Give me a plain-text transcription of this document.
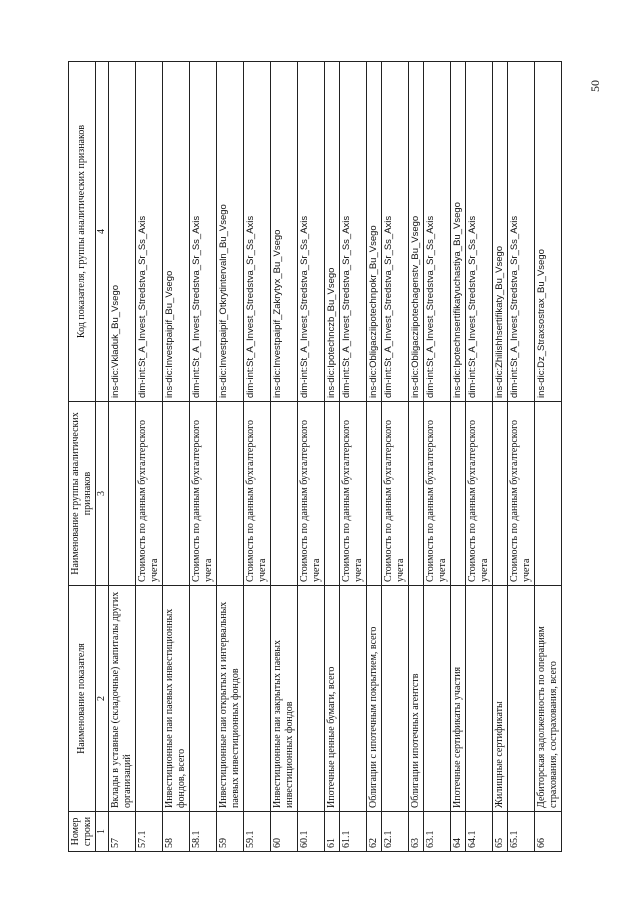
50
Номер строки	Наименование показателя	Наименование группы аналитических признаков	Код показателя, группы аналитических признаков
1	2	3	4
57	Вклады в уставные (складочные) капиталы других организаций		ins-dic:Vkladuk_Bu_Vsego
57.1		Стоимость по данным бухгалтерского учета	dim-int:St_A_Invest_Stredstva_Sr_Ss_Axis
58	Инвестиционные паи паевых инвестиционных фондов, всего		ins-dic:Investpaipif_Bu_Vsego
58.1		Стоимость по данным бухгалтерского учета	dim-int:St_A_Invest_Stredstva_Sr_Ss_Axis
59	Инвестиционные паи открытых и интервальных паевых инвестиционных фондов		ins-dic:Investpaipif_Otkrytintervaln_Bu_Vsego
59.1		Стоимость по данным бухгалтерского учета	dim-int:St_A_Invest_Stredstva_Sr_Ss_Axis
60	Инвестиционные паи закрытых паевых инвестиционных фондов		ins-dic:Investpaipif_Zakrytyx_Bu_Vsego
60.1		Стоимость по данным бухгалтерского учета	dim-int:St_A_Invest_Stredstva_Sr_Ss_Axis
61	Ипотечные ценные бумаги, всего		ins-dic:Ipotechnczb_Bu_Vsego
61.1		Стоимость по данным бухгалтерского учета	dim-int:St_A_Invest_Stredstva_Sr_Ss_Axis
62	Облигации с ипотечным покрытием, всего		ins-dic:Obligacziipotechnpokr_Bu_Vsego
62.1		Стоимость по данным бухгалтерского учета	dim-int:St_A_Invest_Stredstva_Sr_Ss_Axis
63	Облигации ипотечных агентств		ins-dic:Obligacziipotechagenstv_Bu_Vsego
63.1		Стоимость по данным бухгалтерского учета	dim-int:St_A_Invest_Stredstva_Sr_Ss_Axis
64	Ипотечные сертификаты участия		ins-dic:Ipotechnsertifikatyuchastiya_Bu_Vsego
64.1		Стоимость по данным бухгалтерского учета	dim-int:St_A_Invest_Stredstva_Sr_Ss_Axis
65	Жилищные сертификаты		ins-dic:Zhilishhsertifikaty_Bu_Vsego
65.1		Стоимость по данным бухгалтерского учета	dim-int:St_A_Invest_Stredstva_Sr_Ss_Axis
66	Дебиторская задолженность по операциям страхования, сострахования, всего		ins-dic:Dz_Straxsostrax_Bu_Vsego
